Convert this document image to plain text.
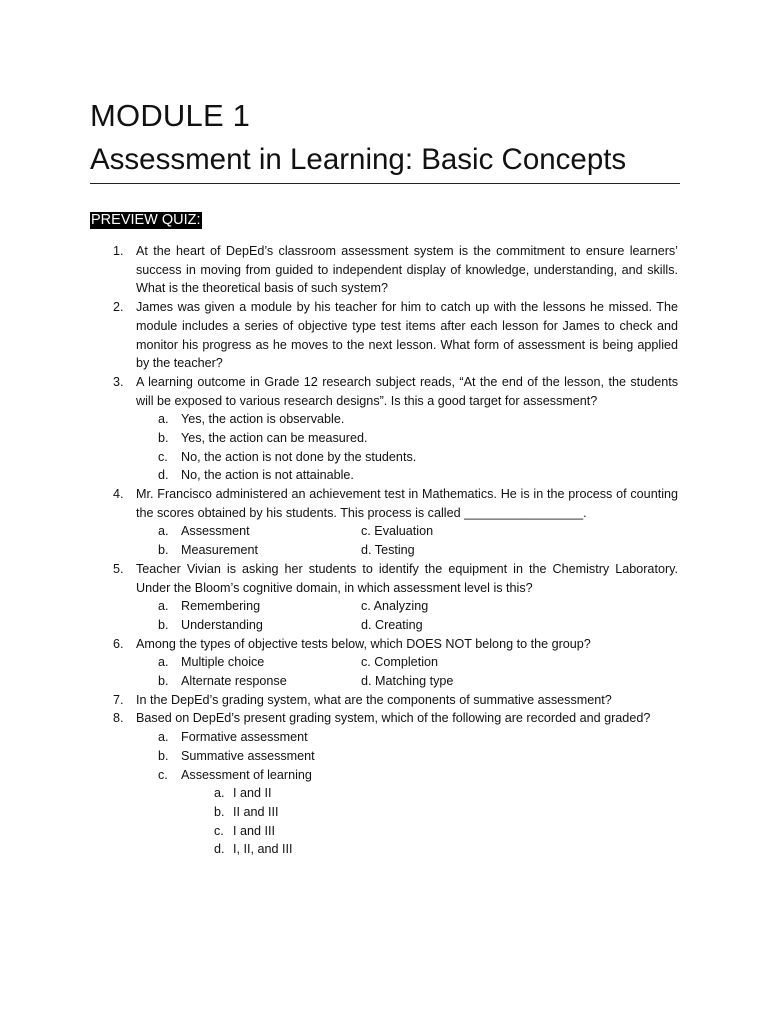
MODULE 1
Assessment in Learning: Basic Concepts
PREVIEW QUIZ:
1. At the heart of DepEd’s classroom assessment system is the commitment to ensure learners’ success in moving from guided to independent display of knowledge, understanding, and skills. What is the theoretical basis of such system?
2. James was given a module by his teacher for him to catch up with the lessons he missed. The module includes a series of objective type test items after each lesson for James to check and monitor his progress as he moves to the next lesson. What form of assessment is being applied by the teacher?
3. A learning outcome in Grade 12 research subject reads, “At the end of the lesson, the students will be exposed to various research designs”. Is this a good target for assessment?
a. Yes, the action is observable.
b. Yes, the action can be measured.
c. No, the action is not done by the students.
d. No, the action is not attainable.
4. Mr. Francisco administered an achievement test in Mathematics. He is in the process of counting the scores obtained by his students. This process is called _________________.
a. Assessment	c. Evaluation
b. Measurement	d. Testing
5. Teacher Vivian is asking her students to identify the equipment in the Chemistry Laboratory. Under the Bloom’s cognitive domain, in which assessment level is this?
a. Remembering	c. Analyzing
b. Understanding	d. Creating
6. Among the types of objective tests below, which DOES NOT belong to the group?
a. Multiple choice	c. Completion
b. Alternate response	d. Matching type
7. In the DepEd’s grading system, what are the components of summative assessment?
8. Based on DepEd’s present grading system, which of the following are recorded and graded?
a. Formative assessment
b. Summative assessment
c. Assessment of learning
a. I and II
b. II and III
c. I and III
d. I, II, and III
